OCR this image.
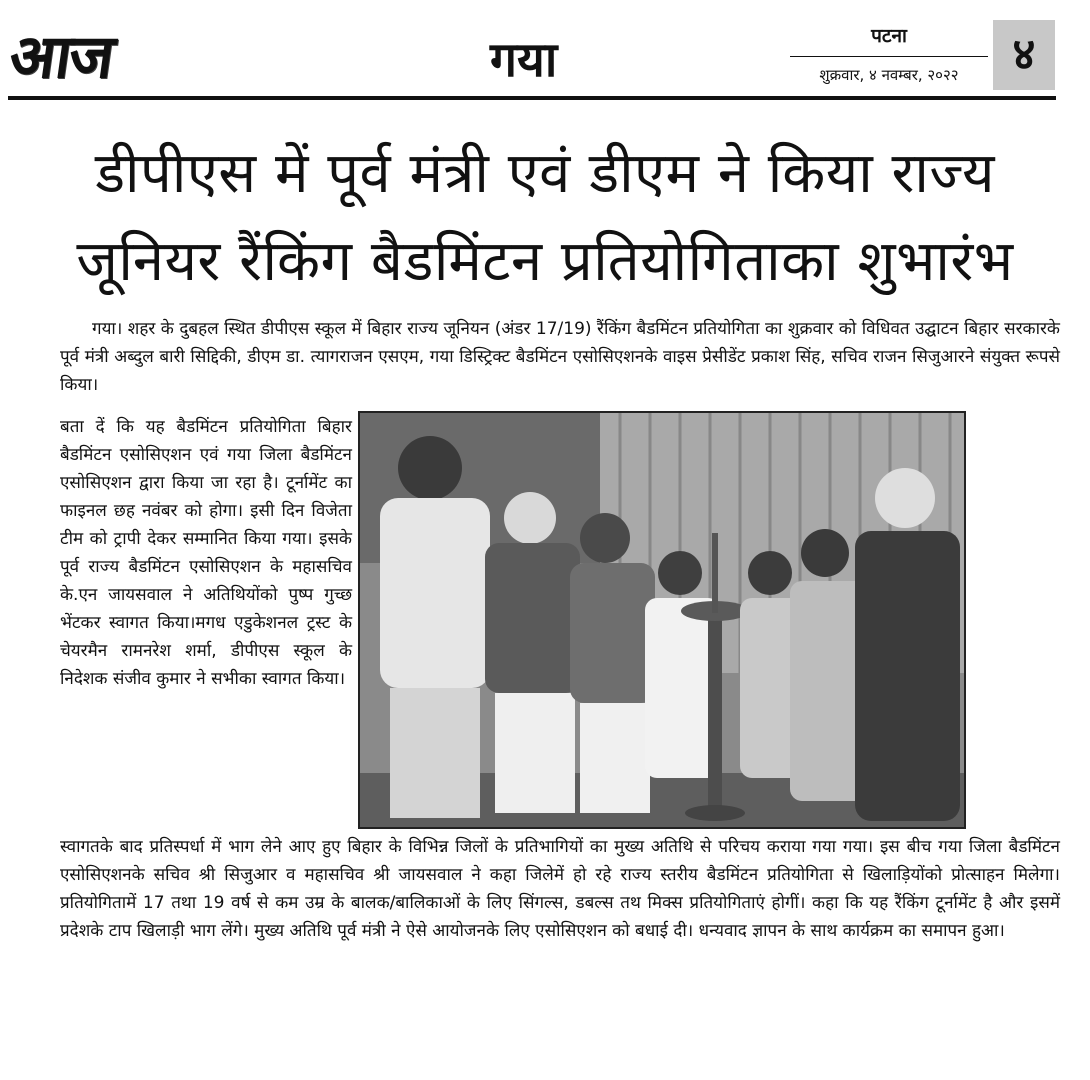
आज	गया	पटना
शुक्रवार, ४ नवम्बर, २०२२	४
डीपीएस में पूर्व मंत्री एवं डीएम ने किया राज्य
जूनियर रैंकिंग बैडमिंटन प्रतियोगिताका शुभारंभ

गया। शहर के दुबहल स्थित डीपीएस स्कूल में बिहार राज्य जूनियन (अंडर 17/19) रैंकिंग बैडमिंटन प्रतियोगिता का शुक्रवार को विधिवत उद्घाटन बिहार सरकारके पूर्व मंत्री अब्दुल बारी सिद्दिकी, डीएम डा. त्यागराजन एसएम, गया डिस्ट्रिक्ट बैडमिंटन एसोसिएशनके वाइस प्रेसीडेंट प्रकाश सिंह, सचिव राजन सिजुआरने संयुक्त रूपसे किया।

बता दें कि यह बैडमिंटन प्रतियोगिता बिहार बैडमिंटन एसोसिएशन एवं गया जिला बैडमिंटन एसोसिएशन द्वारा किया जा रहा है। टूर्नामेंट का फाइनल छह नवंबर को होगा। इसी दिन विजेता टीम को ट्रापी देकर सम्मानित किया गया। इसके पूर्व राज्य बैडमिंटन एसोसिएशन के महासचिव के.एन जायसवाल ने अतिथियोंको पुष्प गुच्छ भेंटकर स्वागत किया।मगध एडुकेशनल ट्रस्ट के चेयरमैन रामनरेश शर्मा, डीपीएस स्कूल के निदेशक संजीव कुमार ने सभीका स्वागत किया।

स्वागतके बाद प्रतिस्पर्धा में भाग लेने आए हुए बिहार के विभिन्न जिलों के प्रतिभागियों का मुख्य अतिथि से परिचय कराया गया गया। इस बीच गया जिला बैडमिंटन एसोसिएशनके सचिव श्री सिजुआर व महासचिव श्री जायसवाल ने कहा जिलेमें हो रहे राज्य स्तरीय बैडमिंटन प्रतियोगिता से खिलाड़ियोंको प्रोत्साहन मिलेगा। प्रतियोगितामें 17 तथा 19 वर्ष से कम उम्र के बालक/बालिकाओं के लिए सिंगल्स, डबल्स तथ मिक्स प्रतियोगिताएं होगीं। कहा कि यह रैंकिंग टूर्नामेंट है और इसमें प्रदेशके टाप खिलाड़ी भाग लेंगे। मुख्य अतिथि पूर्व मंत्री ने ऐसे आयोजनके लिए एसोसिएशन को बधाई दी। धन्यवाद ज्ञापन के साथ कार्यक्रम का समापन हुआ।
